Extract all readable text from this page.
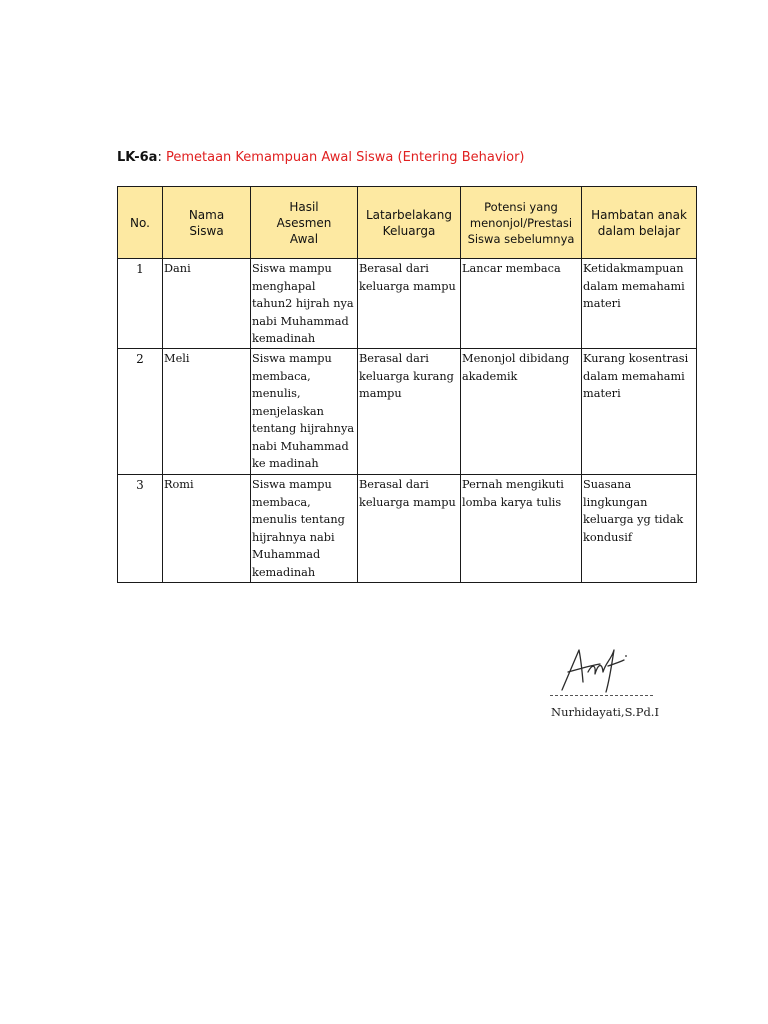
LK-6a: Pemetaan Kemampuan Awal Siswa (Entering Behavior)
No.	Nama Siswa	Hasil Asesmen Awal	Latarbelakang Keluarga	Potensi yang menonjol/Prestasi Siswa sebelumnya	Hambatan anak dalam belajar
1	Dani	Siswa mampu menghapal tahun2 hijrah nya nabi Muhammad kemadinah	Berasal dari keluarga mampu	Lancar membaca	Ketidakmampuan dalam memahami materi
2	Meli	Siswa mampu membaca, menulis, menjelaskan tentang hijrahnya nabi Muhammad ke madinah	Berasal dari keluarga kurang mampu	Menonjol dibidang akademik	Kurang kosentrasi dalam memahami materi
3	Romi	Siswa mampu membaca, menulis tentang hijrahnya nabi Muhammad kemadinah	Berasal dari keluarga mampu	Pernah mengikuti lomba karya tulis	Suasana lingkungan keluarga yg tidak kondusif
Nurhidayati,S.Pd.I
